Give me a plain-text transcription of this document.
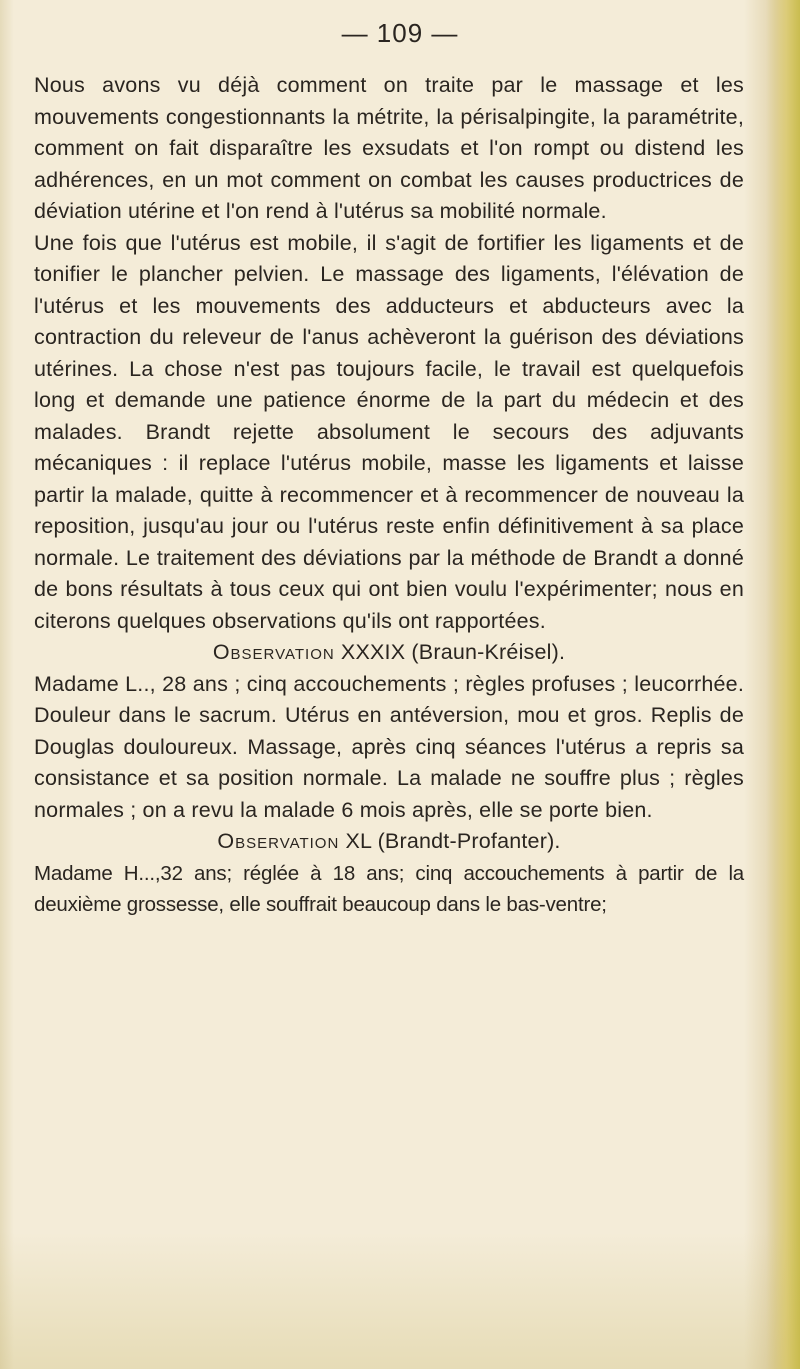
— 109 —

Nous avons vu déjà comment on traite par le massage et les mouvements congestionnants la métrite, la périsalpingite, la paramétrite, comment on fait disparaître les exsudats et l'on rompt ou distend les adhérences, en un mot comment on combat les causes productrices de déviation utérine et l'on rend à l'utérus sa mobilité normale.

Une fois que l'utérus est mobile, il s'agit de fortifier les ligaments et de tonifier le plancher pelvien. Le massage des ligaments, l'élévation de l'utérus et les mouvements des adducteurs et abducteurs avec la contraction du releveur de l'anus achèveront la guérison des déviations utérines. La chose n'est pas toujours facile, le travail est quelquefois long et demande une patience énorme de la part du médecin et des malades. Brandt rejette absolument le secours des adjuvants mécaniques : il replace l'utérus mobile, masse les ligaments et laisse partir la malade, quitte à recommencer et à recommencer de nouveau la reposition, jusqu'au jour ou l'utérus reste enfin définitivement à sa place normale. Le traitement des déviations par la méthode de Brandt a donné de bons résultats à tous ceux qui ont bien voulu l'expérimenter; nous en citerons quelques observations qu'ils ont rapportées.

Observation XXXIX (Braun-Kréisel).

Madame L.., 28 ans ; cinq accouchements ; règles profuses ; leucorrhée. Douleur dans le sacrum. Utérus en antéversion, mou et gros. Replis de Douglas douloureux. Massage, après cinq séances l'utérus a repris sa consistance et sa position normale. La malade ne souffre plus ; règles normales ; on a revu la malade 6 mois après, elle se porte bien.

Observation XL (Brandt-Profanter).

Madame H...,32 ans; réglée à 18 ans; cinq accouchements à partir de la deuxième grossesse, elle souffrait beaucoup dans le bas-ventre;
